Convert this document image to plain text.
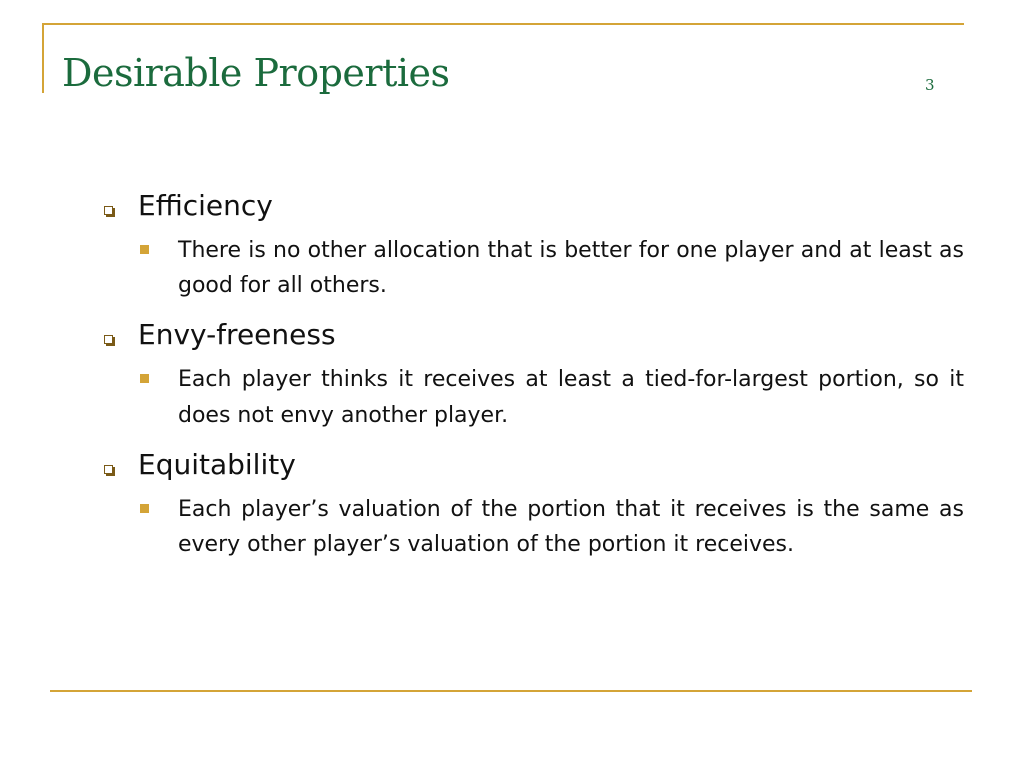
Desirable Properties	3
Efficiency
There is no other allocation that is better for one player and at least as good for all others.
Envy-freeness
Each player thinks it receives at least a tied-for-largest portion, so it does not envy another player.
Equitability
Each player’s valuation of the portion that it receives is the same as every other player’s valuation of the portion it receives.
